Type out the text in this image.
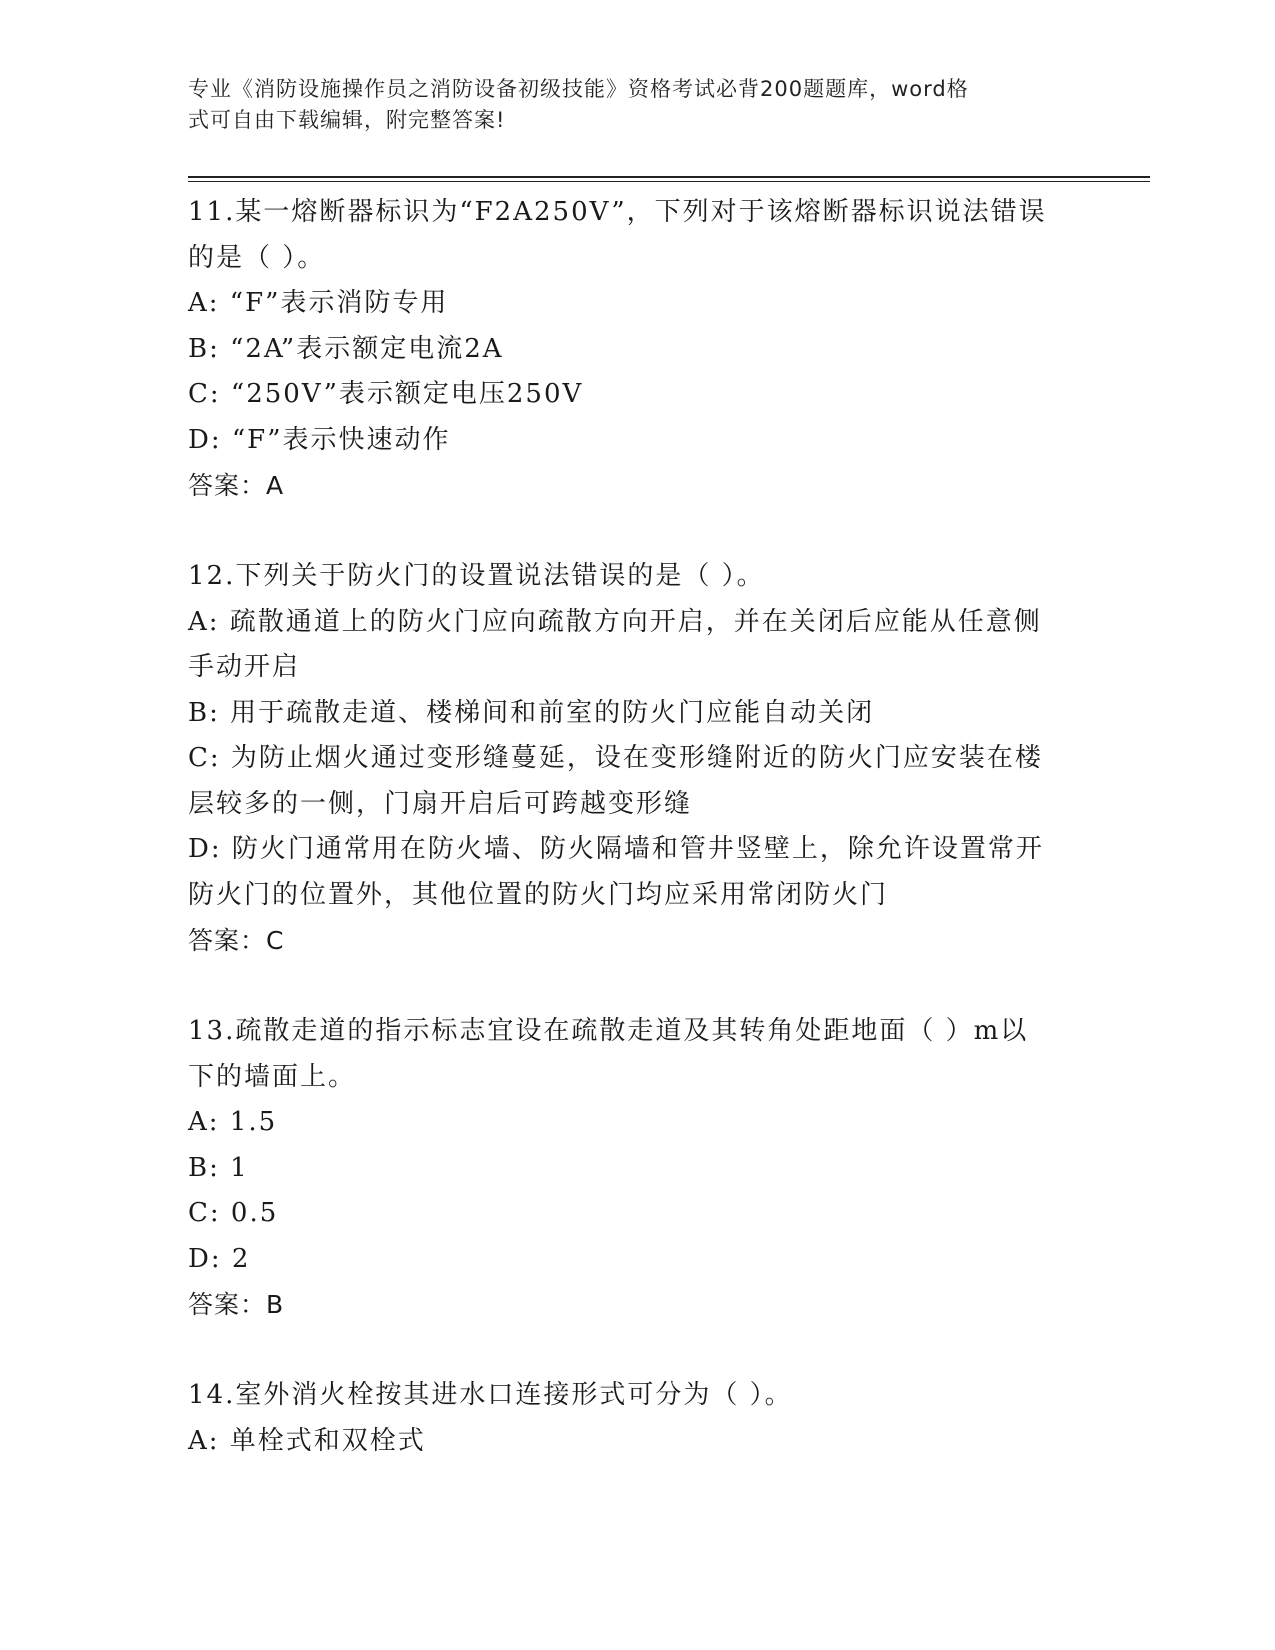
专业《消防设施操作员之消防设备初级技能》资格考试必背200题题库，word格
式可自由下载编辑，附完整答案!
11.某一熔断器标识为“F2A250V”，下列对于该熔断器标识说法错误
的是（ ）。
A: “F”表示消防专用
B: “2A”表示额定电流2A
C: “250V”表示额定电压250V
D: “F”表示快速动作
答案：A
12.下列关于防火门的设置说法错误的是（ ）。
A: 疏散通道上的防火门应向疏散方向开启，并在关闭后应能从任意侧
手动开启
B: 用于疏散走道、楼梯间和前室的防火门应能自动关闭
C: 为防止烟火通过变形缝蔓延，设在变形缝附近的防火门应安装在楼
层较多的一侧，门扇开启后可跨越变形缝
D: 防火门通常用在防火墙、防火隔墙和管井竖壁上，除允许设置常开
防火门的位置外，其他位置的防火门均应采用常闭防火门
答案：C
13.疏散走道的指示标志宜设在疏散走道及其转角处距地面（ ）m以
下的墙面上。
A: 1.5
B: 1
C: 0.5
D: 2
答案：B
14.室外消火栓按其进水口连接形式可分为（ ）。
A: 单栓式和双栓式
